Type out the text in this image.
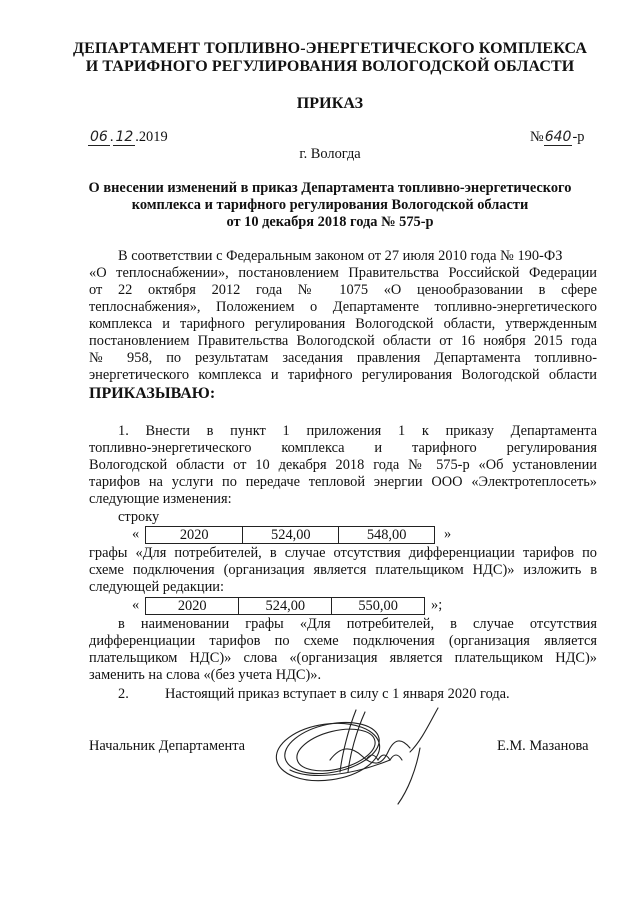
ДЕПАРТАМЕНТ ТОПЛИВНО-ЭНЕРГЕТИЧЕСКОГО КОМПЛЕКСА
И ТАРИФНОГО РЕГУЛИРОВАНИЯ ВОЛОГОДСКОЙ ОБЛАСТИ
ПРИКАЗ
06 . 12 .2019	№640-р
г. Вологда
О внесении изменений в приказ Департамента топливно-энергетического
комплекса и тарифного регулирования Вологодской области
от 10 декабря 2018 года № 575-р
В соответствии с Федеральным законом от 27 июля 2010 года № 190-ФЗ
«О теплоснабжении», постановлением Правительства Российской Федерации
от 22 октября 2012 года № 1075 «О ценообразовании в сфере
теплоснабжения», Положением о Департаменте топливно-энергетического
комплекса и тарифного регулирования Вологодской области, утвержденным
постановлением Правительства Вологодской области от 16 ноября 2015 года
№ 958, по результатам заседания правления Департамента топливно-
энергетического комплекса и тарифного регулирования Вологодской области
ПРИКАЗЫВАЮ:
1. Внести в пункт 1 приложения 1 к приказу Департамента
топливно-энергетического комплекса и тарифного регулирования
Вологодской области от 10 декабря 2018 года № 575-р «Об установлении
тарифов на услуги по передаче тепловой энергии ООО «Электротеплосеть»
следующие изменения:
строку
«	2020	524,00	548,00	»
графы «Для потребителей, в случае отсутствия дифференциации тарифов по
схеме подключения (организация является плательщиком НДС)» изложить в
следующей редакции:
«	2020	524,00	550,00 »;
в наименовании графы «Для потребителей, в случае отсутствия
дифференциации тарифов по схеме подключения (организация является
плательщиком НДС)» слова «(организация является плательщиком НДС)»
заменить на слова «(без учета НДС)».
2.	Настоящий приказ вступает в силу с 1 января 2020 года.
Начальник Департамента	Е.М. Мазанова
